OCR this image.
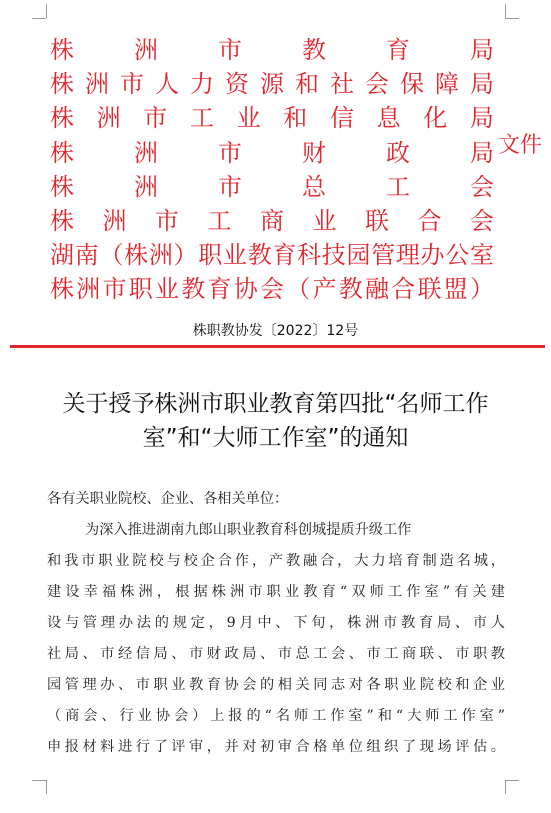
株	洲	市	教	育	局
株 洲 市 人 力 资 源 和 社 会 保 障 局
株 洲 市 工 业 和 信 息 化 局
株	洲	市	财	政	局
株	洲	市	总	工	会
株 洲 市 工 商 业 联 合 会
湖 南 （ 株 洲 ） 职 业 教 育 科 技 园 管 理 办 公 室
株 洲 市 职 业 教 育 协 会 （ 产 教 融 合 联 盟 ）
文件
株职教协发〔2022〕12号
关于授予株洲市职业教育第四批“名师工作
室”和“大师工作室”的通知
各有关职业院校、企业、各相关单位：
为深入推进湖南九郎山职业教育科创城提质升级工作
和我市职业院校与校企合作，产教融合，大力培育制造名城，
建设幸福株洲，根据株洲市职业教育“双师工作室”有关建
设与管理办法的规定，9月中、下旬，株洲市教育局、市人
社局、市经信局、市财政局、市总工会、市工商联、市职教
园管理办、市职业教育协会的相关同志对各职业院校和企业
（商会、行业协会）上报的“名师工作室”和“大师工作室”
申报材料进行了评审，并对初审合格单位组织了现场评估。
